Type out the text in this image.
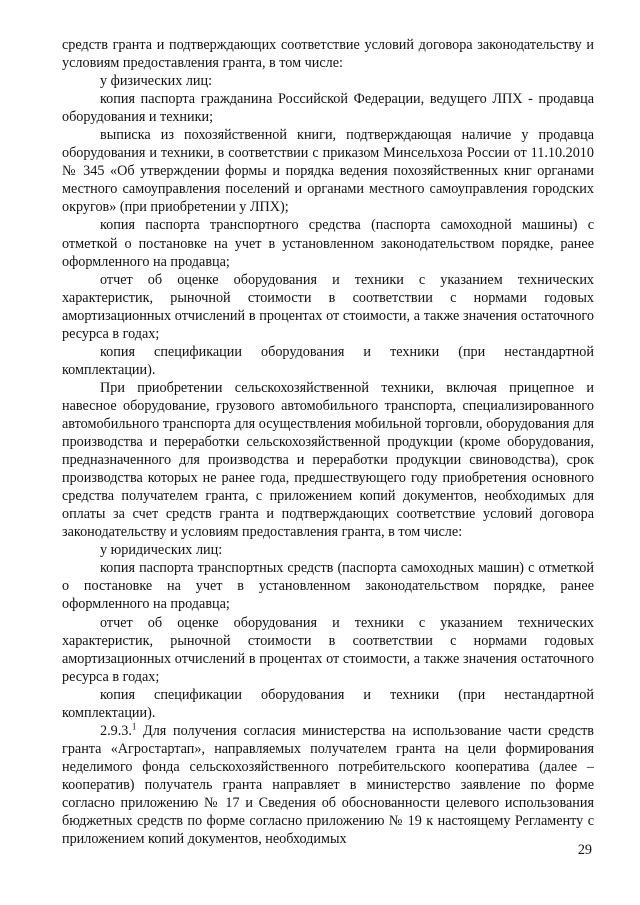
средств гранта и подтверждающих соответствие условий договора законодательству и условиям предоставления гранта, в том числе:

у физических лиц:

копия паспорта гражданина Российской Федерации, ведущего ЛПХ - продавца оборудования и техники;

выписка из похозяйственной книги, подтверждающая наличие у продавца оборудования и техники, в соответствии с приказом Минсельхоза России от 11.10.2010 № 345 «Об утверждении формы и порядка ведения похозяйственных книг органами местного самоуправления поселений и органами местного самоуправления городских округов» (при приобретении у ЛПХ);

копия паспорта транспортного средства (паспорта самоходной машины) с отметкой о постановке на учет в установленном законодательством порядке, ранее оформленного на продавца;

отчет об оценке оборудования и техники с указанием технических характеристик, рыночной стоимости в соответствии с нормами годовых амортизационных отчислений в процентах от стоимости, а также значения остаточного ресурса в годах;

копия спецификации оборудования и техники (при нестандартной комплектации).

При приобретении сельскохозяйственной техники, включая прицепное и навесное оборудование, грузового автомобильного транспорта, специализированного автомобильного транспорта для осуществления мобильной торговли, оборудования для производства и переработки сельскохозяйственной продукции (кроме оборудования, предназначенного для производства и переработки продукции свиноводства), срок производства которых не ранее года, предшествующего году приобретения основного средства получателем гранта, с приложением копий документов, необходимых для оплаты за счет средств гранта и подтверждающих соответствие условий договора законодательству и условиям предоставления гранта, в том числе:

у юридических лиц:

копия паспорта транспортных средств (паспорта самоходных машин) с отметкой о постановке на учет в установленном законодательством порядке, ранее оформленного на продавца;

отчет об оценке оборудования и техники с указанием технических характеристик, рыночной стоимости в соответствии с нормами годовых амортизационных отчислений в процентах от стоимости, а также значения остаточного ресурса в годах;

копия спецификации оборудования и техники (при нестандартной комплектации).

2.9.3.$^1$ Для получения согласия министерства на использование части средств гранта «Агростартап», направляемых получателем гранта на цели формирования неделимого фонда сельскохозяйственного потребительского кооператива (далее –кооператив) получатель гранта направляет в министерство заявление по форме согласно приложению № 17 и Сведения об обоснованности целевого использования бюджетных средств по форме согласно приложению № 19 к настоящему Регламенту с приложением копий документов, необходимых

29
